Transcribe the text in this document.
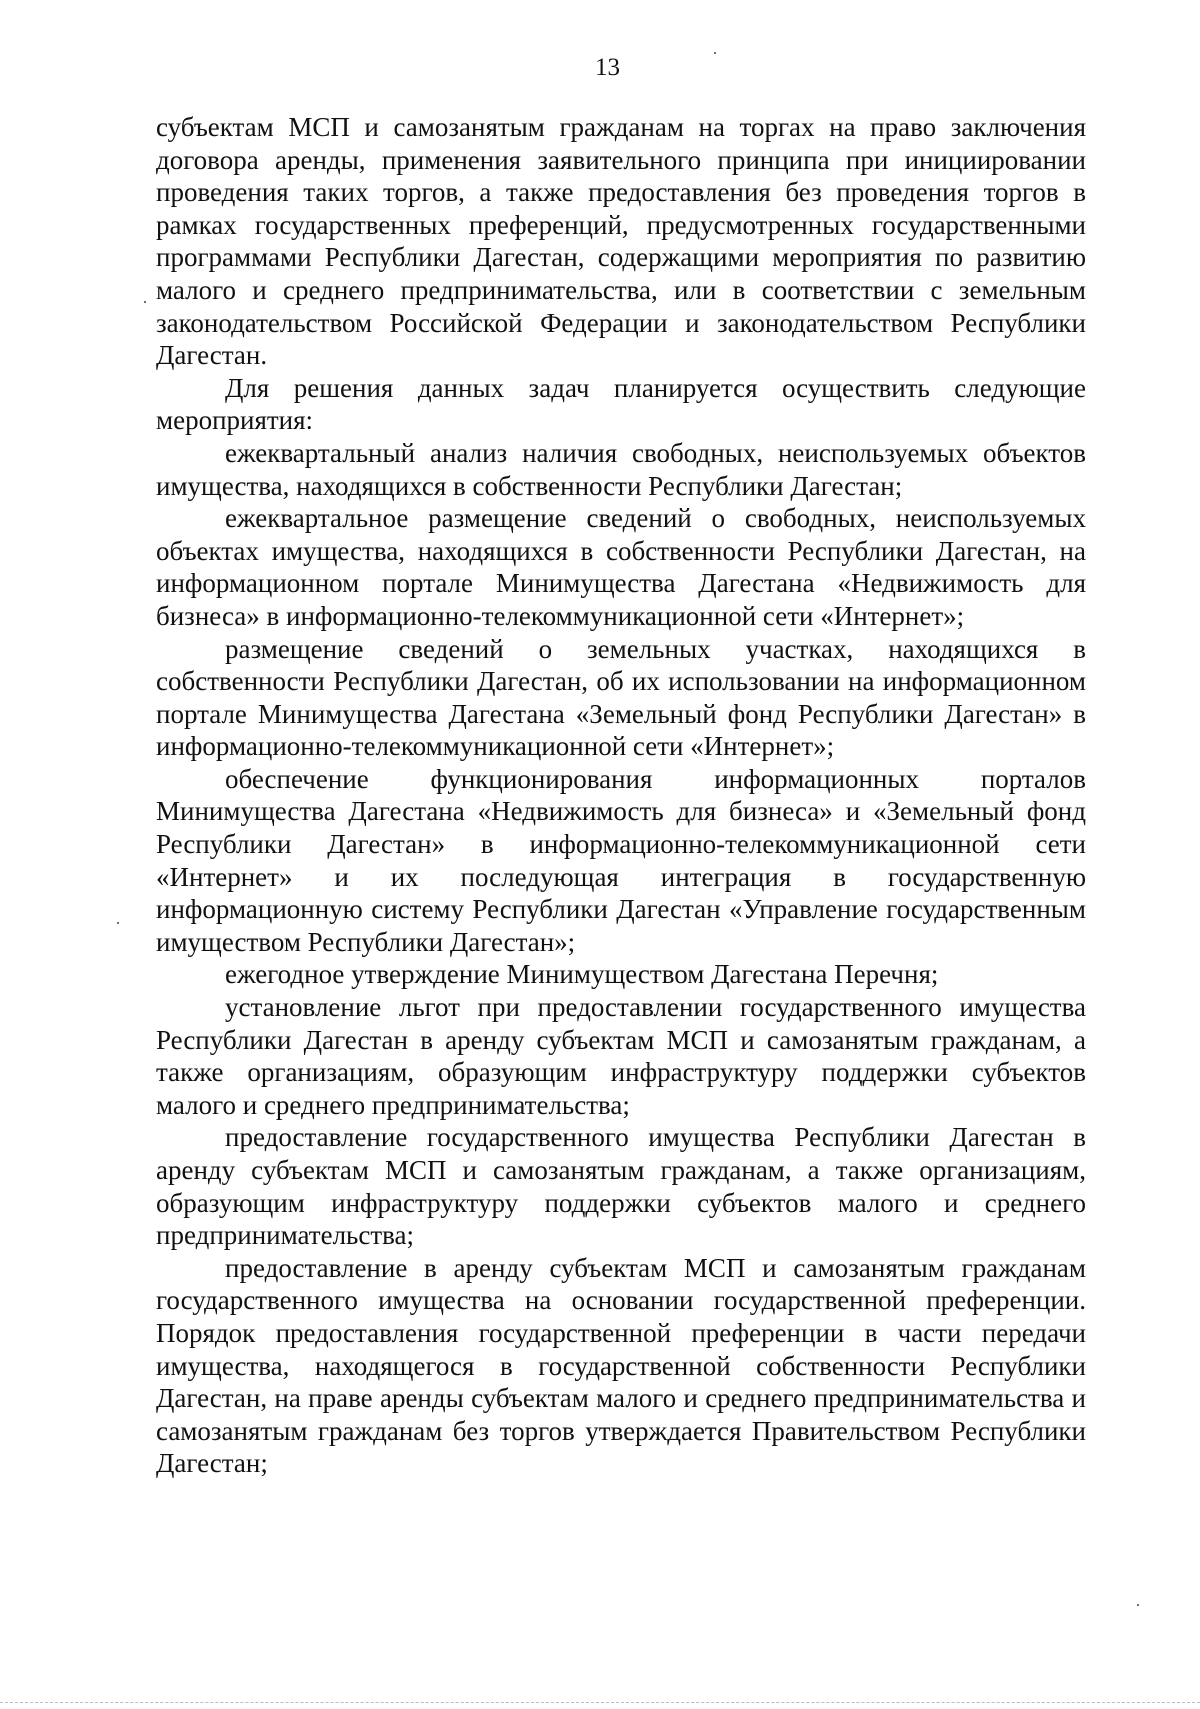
13

субъектам МСП и самозанятым гражданам на торгах на право заключения договора аренды, применения заявительного принципа при инициировании проведения таких торгов, а также предоставления без проведения торгов в рамках государственных преференций, предусмотренных государственными программами Республики Дагестан, содержащими мероприятия по развитию малого и среднего предпринимательства, или в соответствии с земельным законодательством Российской Федерации и законодательством Республики Дагестан.

Для решения данных задач планируется осуществить следующие мероприятия:

ежеквартальный анализ наличия свободных, неиспользуемых объектов имущества, находящихся в собственности Республики Дагестан;

ежеквартальное размещение сведений о свободных, неиспользуемых объектах имущества, находящихся в собственности Республики Дагестан, на информационном портале Минимущества Дагестана «Недвижимость для бизнеса» в информационно-телекоммуникационной сети «Интернет»;

размещение сведений о земельных участках, находящихся в собственности Республики Дагестан, об их использовании на информационном портале Минимущества Дагестана «Земельный фонд Республики Дагестан» в информационно-телекоммуникационной сети «Интернет»;

обеспечение функционирования информационных порталов Минимущества Дагестана «Недвижимость для бизнеса» и «Земельный фонд Республики Дагестан» в информационно-телекоммуникационной сети «Интернет» и их последующая интеграция в государственную информационную систему Республики Дагестан «Управление государственным имуществом Республики Дагестан»;

ежегодное утверждение Минимуществом Дагестана Перечня;

установление льгот при предоставлении государственного имущества Республики Дагестан в аренду субъектам МСП и самозанятым гражданам, а также организациям, образующим инфраструктуру поддержки субъектов малого и среднего предпринимательства;

предоставление государственного имущества Республики Дагестан в аренду субъектам МСП и самозанятым гражданам, а также организациям, образующим инфраструктуру поддержки субъектов малого и среднего предпринимательства;

предоставление в аренду субъектам МСП и самозанятым гражданам государственного имущества на основании государственной преференции. Порядок предоставления государственной преференции в части передачи имущества, находящегося в государственной собственности Республики Дагестан, на праве аренды субъектам малого и среднего предпринимательства и самозанятым гражданам без торгов утверждается Правительством Республики Дагестан;
